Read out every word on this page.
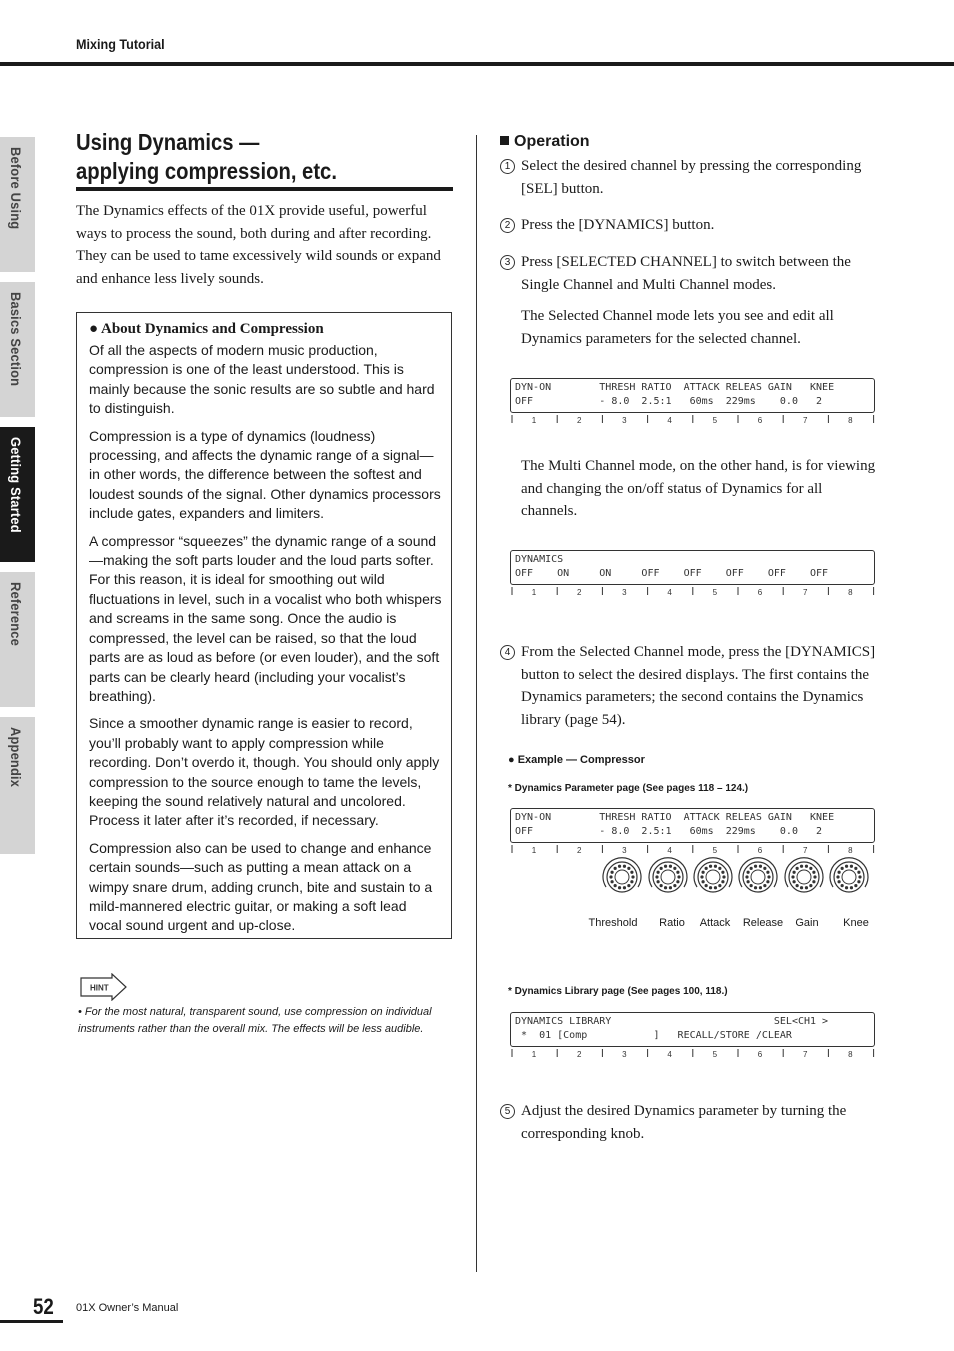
Mixing Tutorial
Before Using
Basics Section
Getting Started
Reference
Appendix
Using Dynamics —
applying compression, etc.
The Dynamics effects of the 01X provide useful, powerful ways to process the sound, both during and after recording. They can be used to tame excessively wild sounds or expand and enhance less lively sounds.
● About Dynamics and Compression

Of all the aspects of modern music production, compression is one of the least understood. This is mainly because the sonic results are so subtle and hard to distinguish.

Compression is a type of dynamics (loudness) processing, and affects the dynamic range of a signal—in other words, the difference between the softest and loudest sounds of the signal. Other dynamics processors include gates, expanders and limiters.

A compressor “squeezes” the dynamic range of a sound—making the soft parts louder and the loud parts softer. For this reason, it is ideal for smoothing out wild fluctuations in level, such in a vocalist who both whispers and screams in the same song. Once the audio is compressed, the level can be raised, so that the loud parts are as loud as before (or even louder), and the soft parts can be clearly heard (including your vocalist’s breathing).

Since a smoother dynamic range is easier to record, you’ll probably want to apply compression while recording. Don’t overdo it, though. You should only apply compression to the source enough to tame the levels, keeping the sound relatively natural and uncolored. Process it later after it’s recorded, if necessary.

Compression also can be used to change and enhance certain sounds—such as putting a mean attack on a wimpy snare drum, adding crunch, bite and sustain to a mild-mannered electric guitar, or making a soft lead vocal sound urgent and up-close.

HINT
• For the most natural, transparent sound, use compression on individual instruments rather than the overall mix. The effects will be less audible.
Operation
1 Select the desired channel by pressing the corresponding [SEL] button.
2 Press the [DYNAMICS] button.
3 Press [SELECTED CHANNEL] to switch between the Single Channel and Multi Channel modes.
The Selected Channel mode lets you see and edit all Dynamics parameters for the selected channel.
DYN-ON        THRESH RATIO  ATTACK RELEAS GAIN   KNEE
OFF           - 8.0  2.5:1   60ms  229ms    0.0   2
1	2	3	4	5	6	7	8
The Multi Channel mode, on the other hand, is for viewing and changing the on/off status of Dynamics for all channels.
DYNAMICS
OFF    ON     ON     OFF    OFF    OFF    OFF    OFF
1	2	3	4	5	6	7	8
4 From the Selected Channel mode, press the [DYNAMICS] button to select the desired displays. The first contains the Dynamics parameters; the second contains the Dynamics library (page 54).
● Example — Compressor
* Dynamics Parameter page (See pages 118 – 124.)
DYN-ON        THRESH RATIO  ATTACK RELEAS GAIN   KNEE
OFF           - 8.0  2.5:1   60ms  229ms    0.0   2
1	2	3	4	5	6	7	8
Threshold	Ratio	Attack	Release	Gain	Knee
* Dynamics Library page (See pages 100, 118.)
DYNAMICS LIBRARY                           SEL<CH1 >
*  01 [Comp           ]   RECALL/STORE /CLEAR
1	2	3	4	5	6	7	8
5 Adjust the desired Dynamics parameter by turning the corresponding knob.
52 01X Owner’s Manual
